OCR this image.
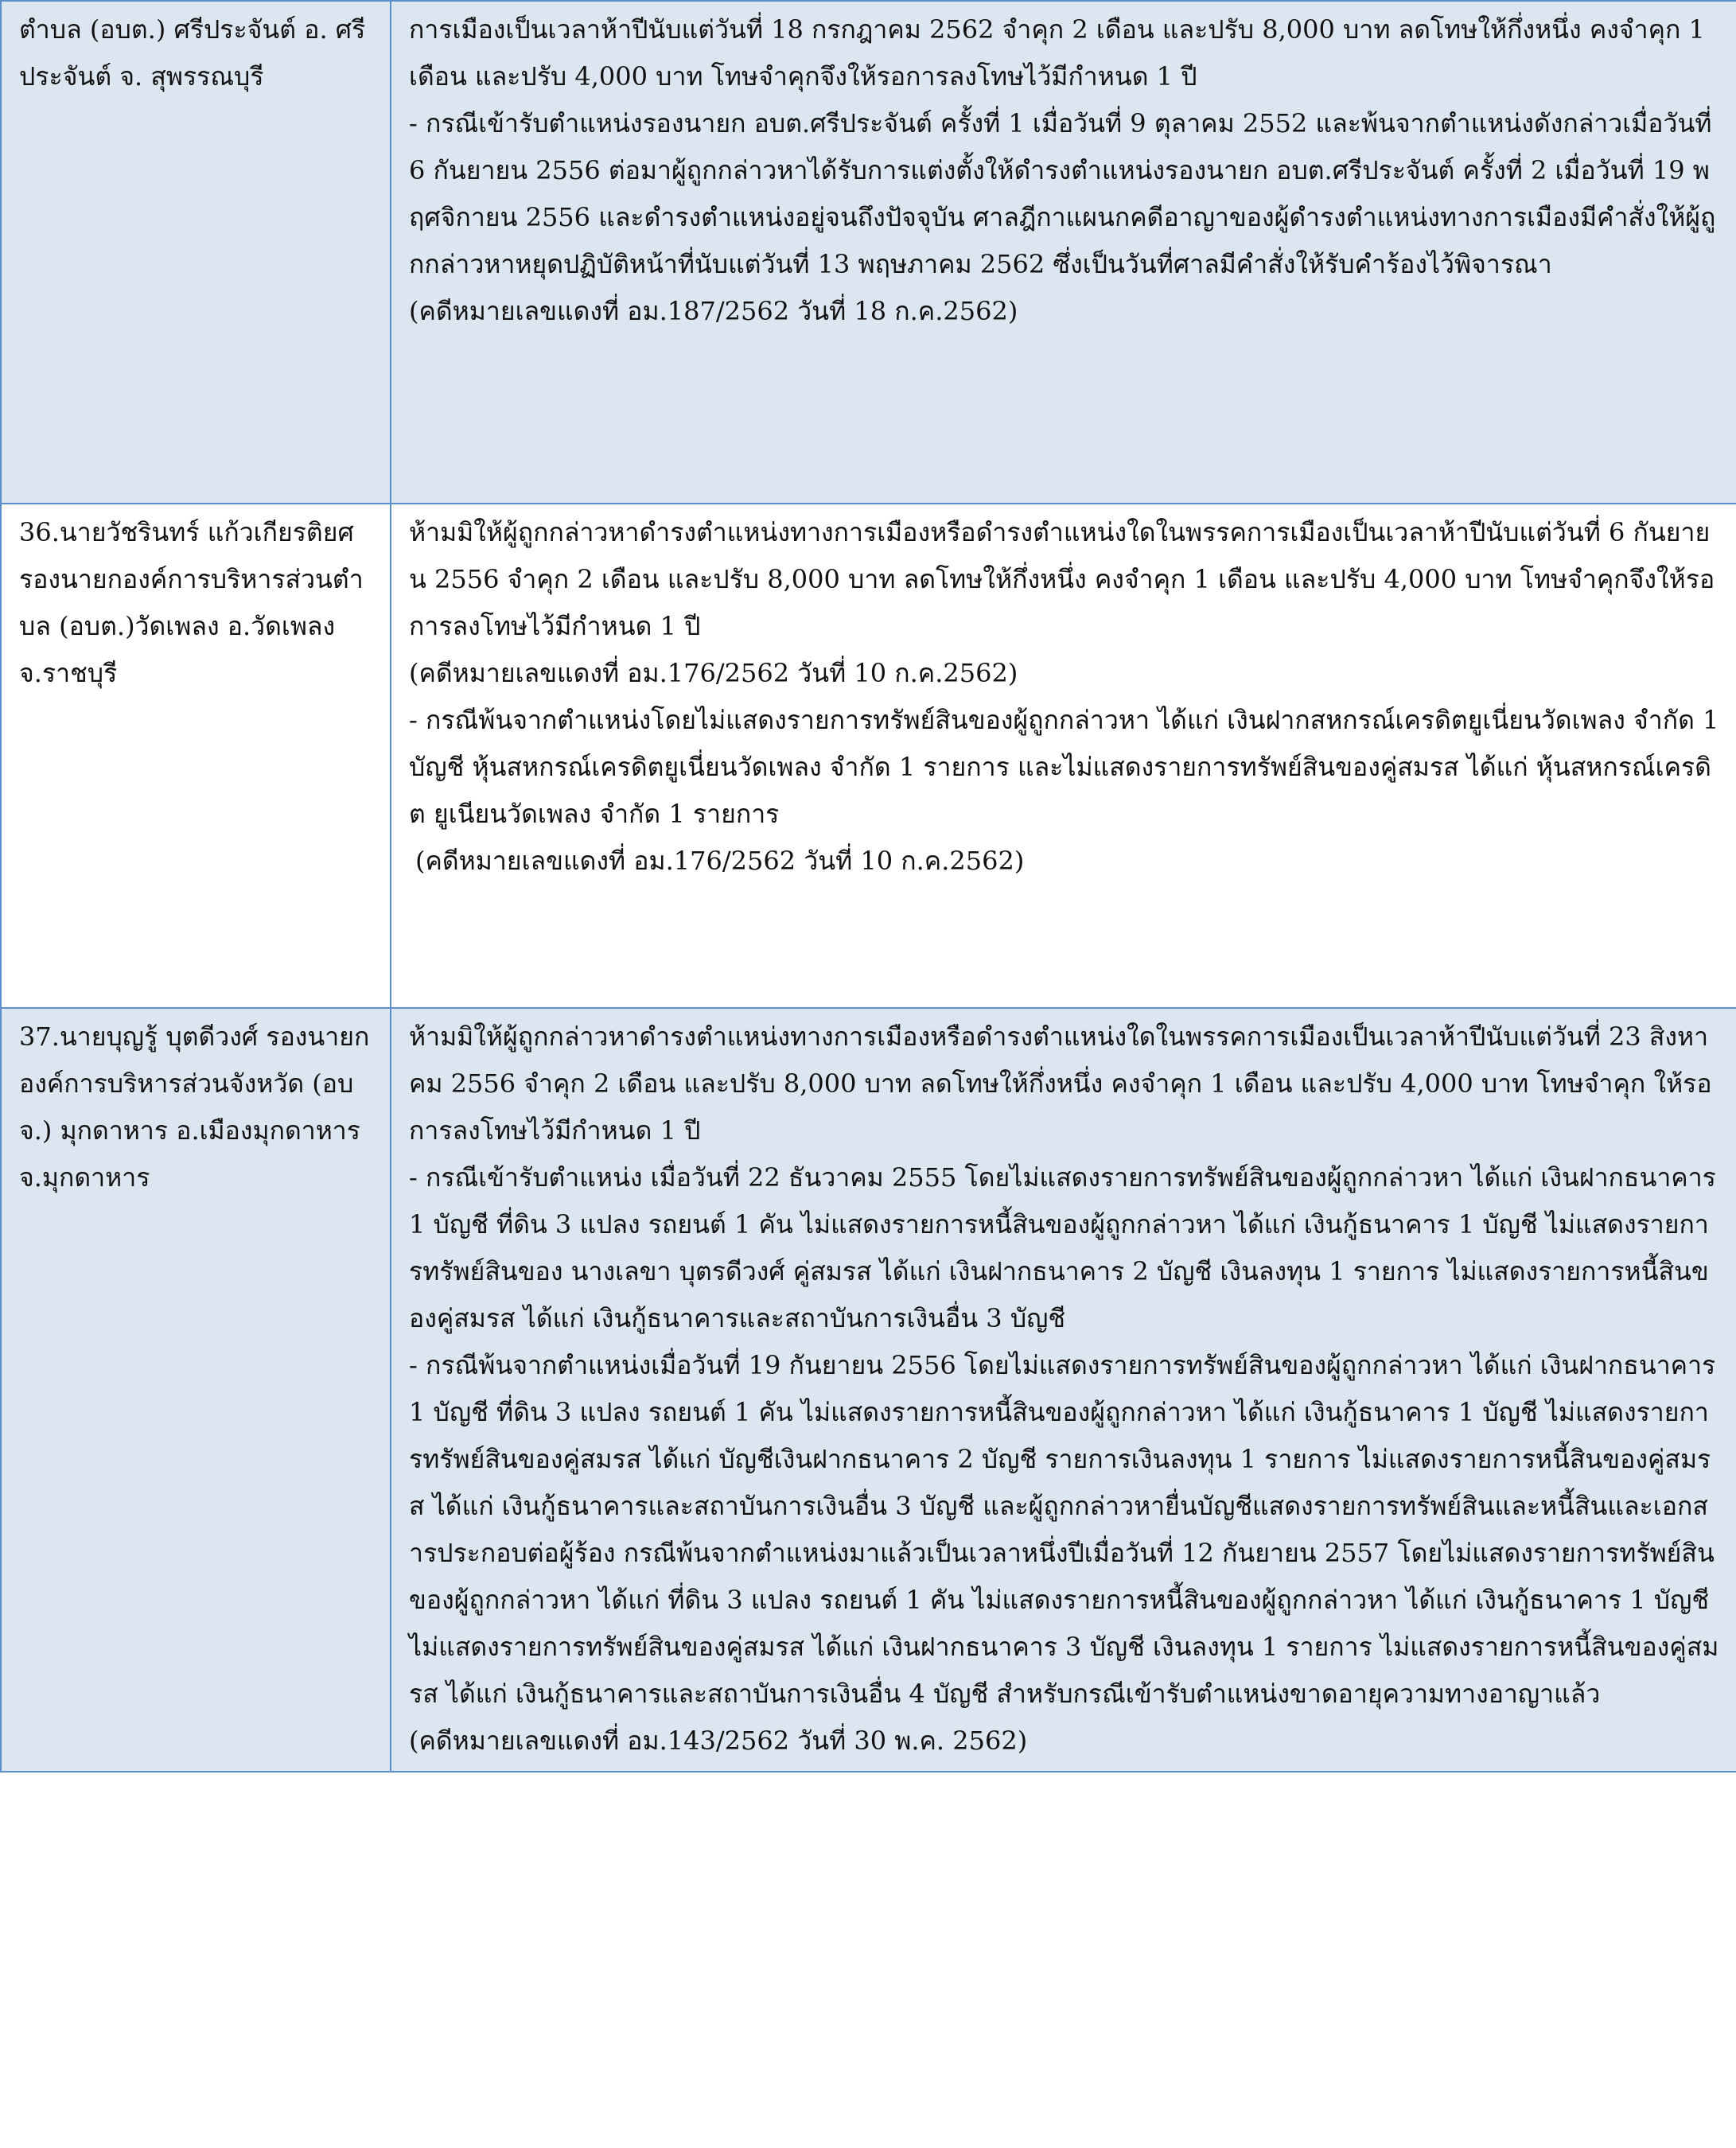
ตำบล (อบต.) ศรีประจันต์ อ. ศรีประจันต์ จ. สุพรรณบุรี	การเมืองเป็นเวลาห้าปีนับแต่วันที่ 18 กรกฎาคม 2562 จำคุก 2 เดือน และปรับ 8,000 บาท ลดโทษให้กึ่งหนึ่ง คงจำคุก 1 เดือน และปรับ 4,000 บาท โทษจำคุกจึงให้รอการลงโทษไว้มีกำหนด 1 ปี
- กรณีเข้ารับตำแหน่งรองนายก อบต.ศรีประจันต์ ครั้งที่ 1 เมื่อวันที่ 9 ตุลาคม 2552 และพ้นจากตำแหน่งดังกล่าวเมื่อวันที่ 6 กันยายน 2556 ต่อมาผู้ถูกกล่าวหาได้รับการแต่งตั้งให้ดำรงตำแหน่งรองนายก อบต.ศรีประจันต์ ครั้งที่ 2 เมื่อวันที่ 19 พฤศจิกายน 2556 และดำรงตำแหน่งอยู่จนถึงปัจจุบัน ศาลฎีกาแผนกคดีอาญาของผู้ดำรงตำแหน่งทางการเมืองมีคำสั่งให้ผู้ถูกกล่าวหาหยุดปฏิบัติหน้าที่นับแต่วันที่ 13 พฤษภาคม 2562 ซึ่งเป็นวันที่ศาลมีคำสั่งให้รับคำร้องไว้พิจารณา
(คดีหมายเลขแดงที่ อม.187/2562 วันที่ 18 ก.ค.2562)

36.นายวัชรินทร์ แก้วเกียรติยศ รองนายกองค์การบริหารส่วนตำบล (อบต.)วัดเพลง อ.วัดเพลง จ.ราชบุรี	ห้ามมิให้ผู้ถูกกล่าวหาดำรงตำแหน่งทางการเมืองหรือดำรงตำแหน่งใดในพรรคการเมืองเป็นเวลาห้าปีนับแต่วันที่ 6 กันยายน 2556 จำคุก 2 เดือน และปรับ 8,000 บาท ลดโทษให้กึ่งหนึ่ง คงจำคุก 1 เดือน และปรับ 4,000 บาท โทษจำคุกจึงให้รอการลงโทษไว้มีกำหนด 1 ปี
(คดีหมายเลขแดงที่ อม.176/2562 วันที่ 10 ก.ค.2562)
- กรณีพ้นจากตำแหน่งโดยไม่แสดงรายการทรัพย์สินของผู้ถูกกล่าวหา ได้แก่ เงินฝากสหกรณ์เครดิตยูเนี่ยนวัดเพลง จำกัด 1 บัญชี หุ้นสหกรณ์เครดิตยูเนี่ยนวัดเพลง จำกัด 1 รายการ และไม่แสดงรายการทรัพย์สินของคู่สมรส ได้แก่ หุ้นสหกรณ์เครดิต ยูเนียนวัดเพลง จำกัด 1 รายการ
(คดีหมายเลขแดงที่ อม.176/2562 วันที่ 10 ก.ค.2562)

37.นายบุญรู้ บุตดีวงศ์ รองนายกองค์การบริหารส่วนจังหวัด (อบจ.) มุกดาหาร อ.เมืองมุกดาหาร จ.มุกดาหาร	ห้ามมิให้ผู้ถูกกล่าวหาดำรงตำแหน่งทางการเมืองหรือดำรงตำแหน่งใดในพรรคการเมืองเป็นเวลาห้าปีนับแต่วันที่ 23 สิงหาคม 2556 จำคุก 2 เดือน และปรับ 8,000 บาท ลดโทษให้กึ่งหนึ่ง คงจำคุก 1 เดือน และปรับ 4,000 บาท โทษจำคุก ให้รอการลงโทษไว้มีกำหนด 1 ปี
- กรณีเข้ารับตำแหน่ง เมื่อวันที่ 22 ธันวาคม 2555 โดยไม่แสดงรายการทรัพย์สินของผู้ถูกกล่าวหา ได้แก่ เงินฝากธนาคาร 1 บัญชี ที่ดิน 3 แปลง รถยนต์ 1 คัน ไม่แสดงรายการหนี้สินของผู้ถูกกล่าวหา ได้แก่ เงินกู้ธนาคาร 1 บัญชี ไม่แสดงรายการทรัพย์สินของ นางเลขา บุตรดีวงศ์ คู่สมรส ได้แก่ เงินฝากธนาคาร 2 บัญชี เงินลงทุน 1 รายการ ไม่แสดงรายการหนี้สินของคู่สมรส ได้แก่ เงินกู้ธนาคารและสถาบันการเงินอื่น 3 บัญชี
- กรณีพ้นจากตำแหน่งเมื่อวันที่ 19 กันยายน 2556 โดยไม่แสดงรายการทรัพย์สินของผู้ถูกกล่าวหา ได้แก่ เงินฝากธนาคาร 1 บัญชี ที่ดิน 3 แปลง รถยนต์ 1 คัน ไม่แสดงรายการหนี้สินของผู้ถูกกล่าวหา ได้แก่ เงินกู้ธนาคาร 1 บัญชี ไม่แสดงรายการทรัพย์สินของคู่สมรส ได้แก่ บัญชีเงินฝากธนาคาร 2 บัญชี รายการเงินลงทุน 1 รายการ ไม่แสดงรายการหนี้สินของคู่สมรส ได้แก่ เงินกู้ธนาคารและสถาบันการเงินอื่น 3 บัญชี และผู้ถูกกล่าวหายื่นบัญชีแสดงรายการทรัพย์สินและหนี้สินและเอกสารประกอบต่อผู้ร้อง กรณีพ้นจากตำแหน่งมาแล้วเป็นเวลาหนึ่งปีเมื่อวันที่ 12 กันยายน 2557 โดยไม่แสดงรายการทรัพย์สินของผู้ถูกกล่าวหา ได้แก่ ที่ดิน 3 แปลง รถยนต์ 1 คัน ไม่แสดงรายการหนี้สินของผู้ถูกกล่าวหา ได้แก่ เงินกู้ธนาคาร 1 บัญชี ไม่แสดงรายการทรัพย์สินของคู่สมรส ได้แก่ เงินฝากธนาคาร 3 บัญชี เงินลงทุน 1 รายการ ไม่แสดงรายการหนี้สินของคู่สมรส ได้แก่ เงินกู้ธนาคารและสถาบันการเงินอื่น 4 บัญชี สำหรับกรณีเข้ารับตำแหน่งขาดอายุความทางอาญาแล้ว
(คดีหมายเลขแดงที่ อม.143/2562 วันที่ 30 พ.ค. 2562)
